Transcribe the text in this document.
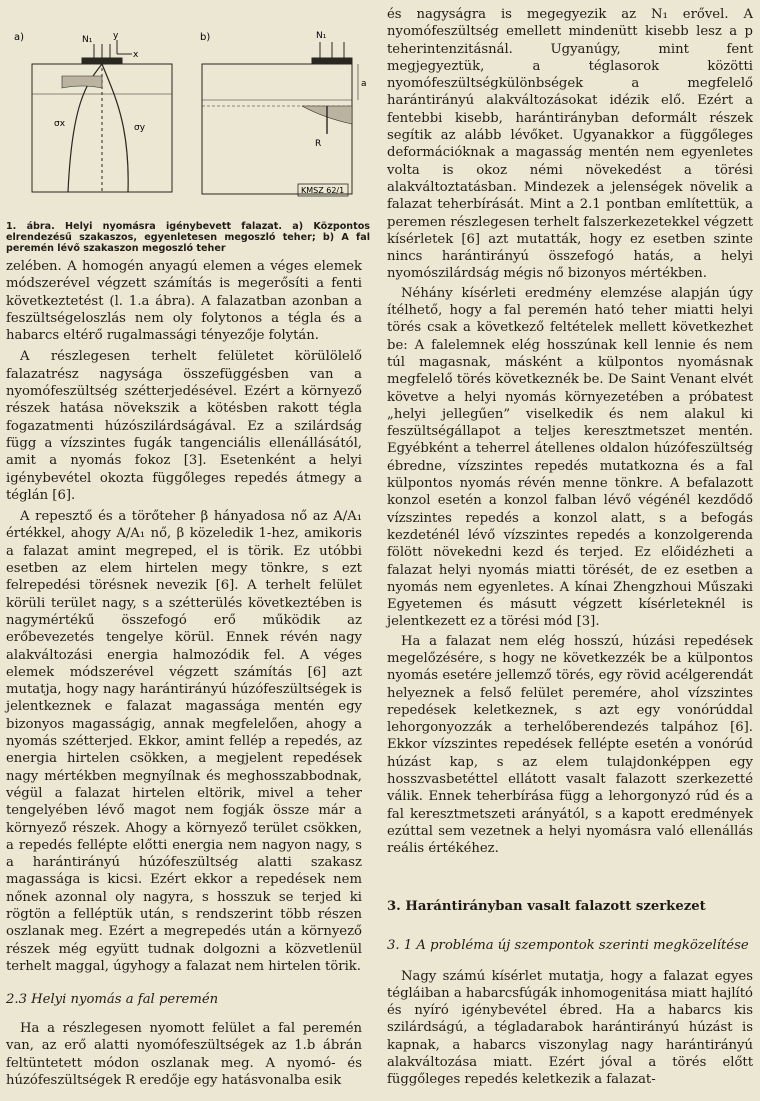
a)	N₁ y
x
σx	σy
b)	N₁
a
R
KMSZ 62/1

1. ábra. Helyi nyomásra igénybevett falazat. a) Központos elrendezésű szakaszos, egyenletesen megoszló teher; b) A fal peremén lévő szakaszon megoszló teher

zelében. A homogén anyagú elemen a véges elemek módszerével végzett számítás is megerősíti a fenti következtetést (l. 1.a ábra). A falazatban azonban a feszültségeloszlás nem oly folytonos a tégla és a habarcs eltérő rugalmassági tényezője folytán.

A részlegesen terhelt felületet körülölelő falazatrész nagysága összefüggésben van a nyomófeszültség szétterjedésével. Ezért a környező részek hatása növekszik a kötésben rakott tégla fogazatmenti húzószilárdságával. Ez a szilárdság függ a vízszintes fugák tangenciális ellenállásától, amit a nyomás fokoz [3]. Esetenként a helyi igénybevétel okozta függőleges repedés átmegy a téglán [6].

A repesztő és a törőteher β hányadosa nő az A/A₁ értékkel, ahogy A/A₁ nő, β közeledik 1-hez, amikoris a falazat amint megreped, el is törik. Ez utóbbi esetben az elem hirtelen megy tönkre, s ezt felrepedési törésnek nevezik [6]. A terhelt felület körüli terület nagy, s a szétterülés következtében is nagymértékű összefogó erő működik az erőbevezetés tengelye körül. Ennek révén nagy alakváltozási energia halmozódik fel. A véges elemek módszerével végzett számítás [6] azt mutatja, hogy nagy harántirányú húzófeszültségek is jelentkeznek e falazat magassága mentén egy bizonyos magasságig, annak megfelelően, ahogy a nyomás szétterjed. Ekkor, amint fellép a repedés, az energia hirtelen csökken, a megjelent repedések nagy mértékben megnyílnak és meghosszabbodnak, végül a falazat hirtelen eltörik, mivel a teher tengelyében lévő magot nem fogják össze már a környező részek. Ahogy a környező terület csökken, a repedés fellépte előtti energia nem nagyon nagy, s a harántirányú húzófeszültség alatti szakasz magassága is kicsi. Ezért ekkor a repedések nem nőnek azonnal oly nagyra, s hosszuk se terjed ki rögtön a felléptük után, s rendszerint több részen oszlanak meg. Ezért a megrepedés után a környező részek még együtt tudnak dolgozni a közvetlenül terhelt maggal, úgyhogy a falazat nem hirtelen törik.

2.3 Helyi nyomás a fal peremén

Ha a részlegesen nyomott felület a fal peremén van, az erő alatti nyomófeszültségek az 1.b ábrán feltüntetett módon oszlanak meg. A nyomó- és húzófeszültségek R eredője egy hatásvonalba esik

és nagyságra is megegyezik az N₁ erővel. A nyomófeszültség emellett mindenütt kisebb lesz a p teherintenzitásnál. Ugyanúgy, mint fent megjegyeztük, a téglasorok közötti nyomófeszültségkülönbségek a megfelelő harántirányú alakváltozásokat idézik elő. Ezért a fentebbi kisebb, harántirányban deformált részek segítik az alább lévőket. Ugyanakkor a függőleges deformációknak a magasság mentén nem egyenletes volta is okoz némi növekedést a törési alakváltoztatásban. Mindezek a jelenségek növelik a falazat teherbírását. Mint a 2.1 pontban említettük, a peremen részlegesen terhelt falszerkezetekkel végzett kísérletek [6] azt mutatták, hogy ez esetben szinte nincs harántirányú összefogó hatás, a helyi nyomószilárdság mégis nő bizonyos mértékben.

Néhány kísérleti eredmény elemzése alapján úgy ítélhető, hogy a fal peremén ható teher miatti helyi törés csak a következő feltételek mellett következhet be: A falelemnek elég hosszúnak kell lennie és nem túl magasnak, másként a külpontos nyomásnak megfelelő törés következnék be. De Saint Venant elvét követve a helyi nyomás környezetében a próbatest „helyi jellegűen” viselkedik és nem alakul ki feszültségállapot a teljes keresztmetszet mentén. Egyébként a teherrel átellenes oldalon húzófeszültség ébredne, vízszintes repedés mutatkozna és a fal külpontos nyomás révén menne tönkre. A befalazott konzol esetén a konzol falban lévő végénél kezdődő vízszintes repedés a konzol alatt, s a befogás kezdeténél lévő vízszintes repedés a konzolgerenda fölött növekedni kezd és terjed. Ez előidézheti a falazat helyi nyomás miatti törését, de ez esetben a nyomás nem egyenletes. A kínai Zhengzhoui Műszaki Egyetemen és másutt végzett kísérleteknél is jelentkezett ez a törési mód [3].

Ha a falazat nem elég hosszú, húzási repedések megelőzésére, s hogy ne következzék be a külpontos nyomás esetére jellemző törés, egy rövid acélgerendát helyeznek a felső felület peremére, ahol vízszintes repedések keletkeznek, s azt egy vonórúddal lehorgonyozzák a terhelőberendezés talpához [6]. Ekkor vízszintes repedések fellépte esetén a vonórúd húzást kap, s az elem tulajdonképpen egy hosszvasbetéttel ellátott vasalt falazott szerkezetté válik. Ennek teherbírása függ a lehorgonyzó rúd és a fal keresztmetszeti arányától, s a kapott eredmények ezúttal sem vezetnek a helyi nyomásra való ellenállás reális értékéhez.

3. Harántirányban vasalt falazott szerkezet

3. 1 A probléma új szempontok szerinti megközelítése

Nagy számú kísérlet mutatja, hogy a falazat egyes tégláiban a habarcsfúgák inhomogenitása miatt hajlító és nyíró igénybevétel ébred. Ha a habarcs kis szilárdságú, a tégladarabok harántirányú húzást is kapnak, a habarcs viszonylag nagy harántirányú alakváltozása miatt. Ezért jóval a törés előtt függőleges repedés keletkezik a falazat-
